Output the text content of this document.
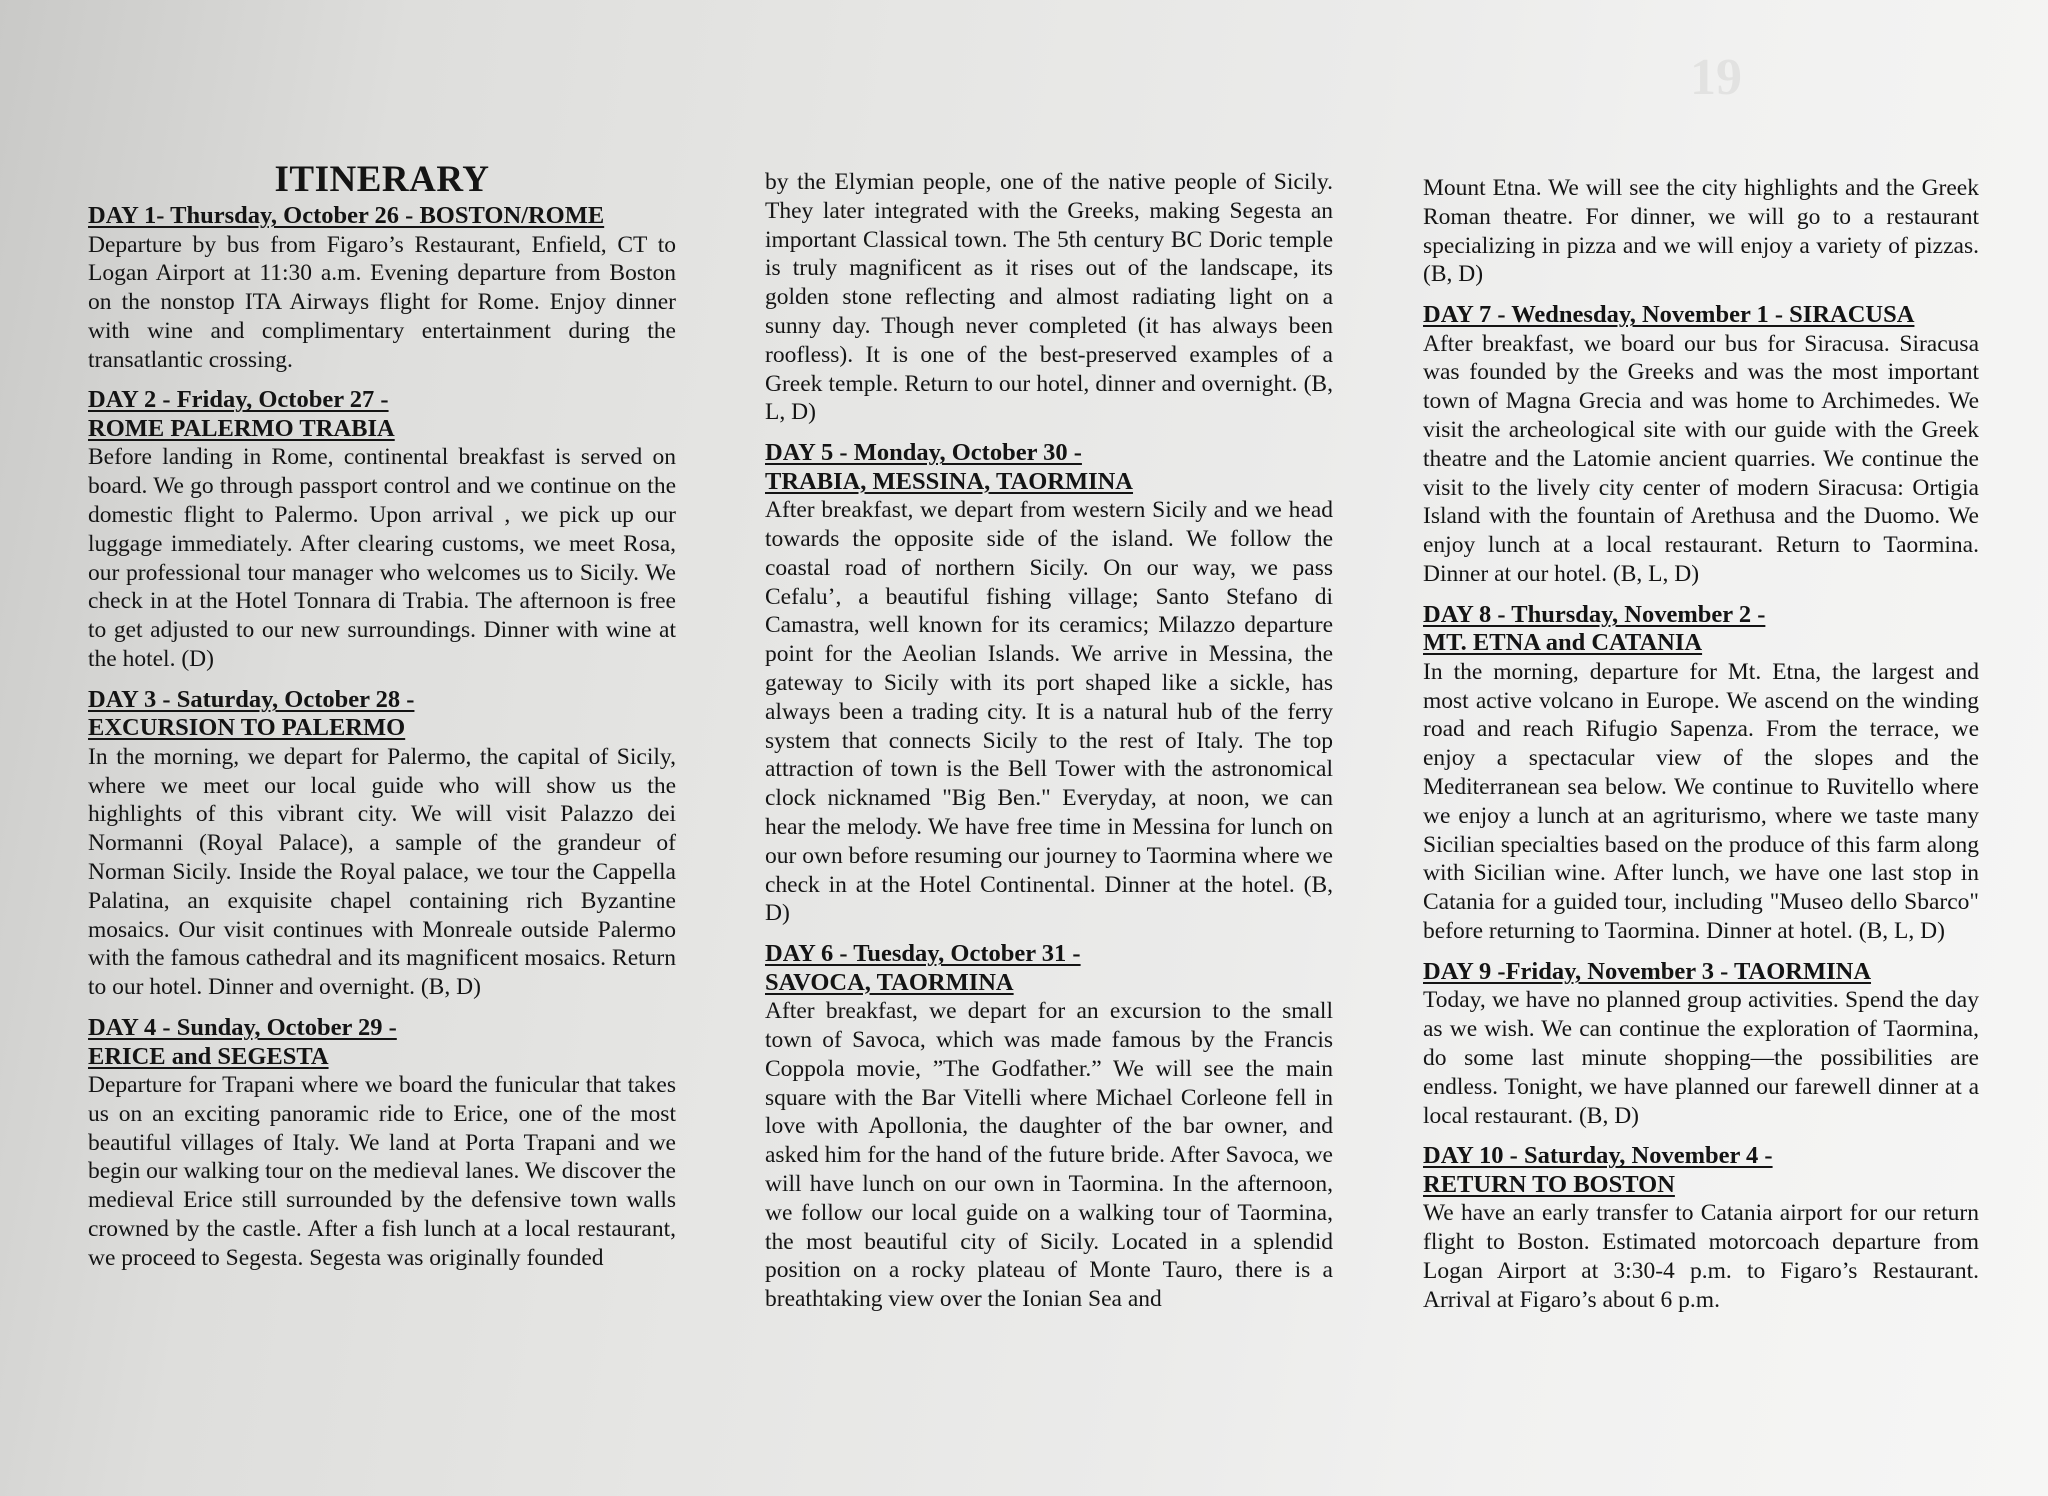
19
ITINERARY

DAY 1- Thursday, October 26 - BOSTON/ROME

Departure by bus from Figaro’s Restaurant, Enfield, CT to Logan Airport at 11:30 a.m. Evening departure from Boston on the nonstop ITA Airways flight for Rome. Enjoy dinner with wine and complimentary entertainment during the transatlantic crossing.

DAY 2 - Friday, October 27 -

ROME PALERMO TRABIA

Before landing in Rome, continental breakfast is served on board. We go through passport control and we continue on the domestic flight to Palermo. Upon arrival , we pick up our luggage immediately. After clearing customs, we meet Rosa, our professional tour manager who welcomes us to Sicily. We check in at the Hotel Tonnara di Trabia. The afternoon is free to get adjusted to our new surroundings. Dinner with wine at the hotel. (D)

DAY 3 - Saturday, October 28 -

EXCURSION TO PALERMO

In the morning, we depart for Palermo, the capital of Sicily, where we meet our local guide who will show us the highlights of this vibrant city. We will visit Palazzo dei Normanni (Royal Palace), a sample of the grandeur of Norman Sicily. Inside the Royal palace, we tour the Cappella Palatina, an exquisite chapel containing rich Byzantine mosaics. Our visit continues with Monreale outside Palermo with the famous cathedral and its magnificent mosaics. Return to our hotel. Dinner and overnight. (B, D)

DAY 4 - Sunday, October 29 -

ERICE and SEGESTA

Departure for Trapani where we board the funicular that takes us on an exciting panoramic ride to Erice, one of the most beautiful villages of Italy. We land at Porta Trapani and we begin our walking tour on the medieval lanes. We discover the medieval Erice still surrounded by the defensive town walls crowned by the castle. After a fish lunch at a local restaurant, we proceed to Segesta. Segesta was originally founded

by the Elymian people, one of the native people of Sicily. They later integrated with the Greeks, making Segesta an important Classical town. The 5th century BC Doric temple is truly magnificent as it rises out of the landscape, its golden stone reflecting and almost radiating light on a sunny day. Though never completed (it has always been roofless). It is one of the best-preserved examples of a Greek temple. Return to our hotel, dinner and overnight. (B, L, D)

DAY 5 - Monday, October 30 -

TRABIA, MESSINA, TAORMINA

After breakfast, we depart from western Sicily and we head towards the opposite side of the island. We follow the coastal road of northern Sicily. On our way, we pass Cefalu’, a beautiful fishing village; Santo Stefano di Camastra, well known for its ceramics; Milazzo departure point for the Aeolian Islands. We arrive in Messina, the gateway to Sicily with its port shaped like a sickle, has always been a trading city. It is a natural hub of the ferry system that connects Sicily to the rest of Italy. The top attraction of town is the Bell Tower with the astronomical clock nicknamed "Big Ben." Everyday, at noon, we can hear the melody. We have free time in Messina for lunch on our own before resuming our journey to Taormina where we check in at the Hotel Continental. Dinner at the hotel. (B, D)

DAY 6 - Tuesday, October 31 -

SAVOCA, TAORMINA

After breakfast, we depart for an excursion to the small town of Savoca, which was made famous by the Francis Coppola movie, ”The Godfather.” We will see the main square with the Bar Vitelli where Michael Corleone fell in love with Apollonia, the daughter of the bar owner, and asked him for the hand of the future bride. After Savoca, we will have lunch on our own in Taormina. In the afternoon, we follow our local guide on a walking tour of Taormina, the most beautiful city of Sicily. Located in a splendid position on a rocky plateau of Monte Tauro, there is a breathtaking view over the Ionian Sea and

Mount Etna. We will see the city highlights and the Greek Roman theatre. For dinner, we will go to a restaurant specializing in pizza and we will enjoy a variety of pizzas. (B, D)

DAY 7 - Wednesday, November 1 - SIRACUSA

After breakfast, we board our bus for Siracusa. Siracusa was founded by the Greeks and was the most important town of Magna Grecia and was home to Archimedes. We visit the archeological site with our guide with the Greek theatre and the Latomie ancient quarries. We continue the visit to the lively city center of modern Siracusa: Ortigia Island with the fountain of Arethusa and the Duomo. We enjoy lunch at a local restaurant. Return to Taormina. Dinner at our hotel. (B, L, D)

DAY 8 - Thursday, November 2 -

MT. ETNA and CATANIA

In the morning, departure for Mt. Etna, the largest and most active volcano in Europe. We ascend on the winding road and reach Rifugio Sapenza. From the terrace, we enjoy a spectacular view of the slopes and the Mediterranean sea below. We continue to Ruvitello where we enjoy a lunch at an agriturismo, where we taste many Sicilian specialties based on the produce of this farm along with Sicilian wine. After lunch, we have one last stop in Catania for a guided tour, including "Museo dello Sbarco" before returning to Taormina. Dinner at hotel. (B, L, D)

DAY 9 -Friday, November 3 - TAORMINA

Today, we have no planned group activities. Spend the day as we wish. We can continue the exploration of Taormina, do some last minute shopping—the possibilities are endless. Tonight, we have planned our farewell dinner at a local restaurant. (B, D)

DAY 10 - Saturday, November 4 -

RETURN TO BOSTON

We have an early transfer to Catania airport for our return flight to Boston. Estimated motorcoach departure from Logan Airport at 3:30-4 p.m. to Figaro’s Restaurant. Arrival at Figaro’s about 6 p.m.
